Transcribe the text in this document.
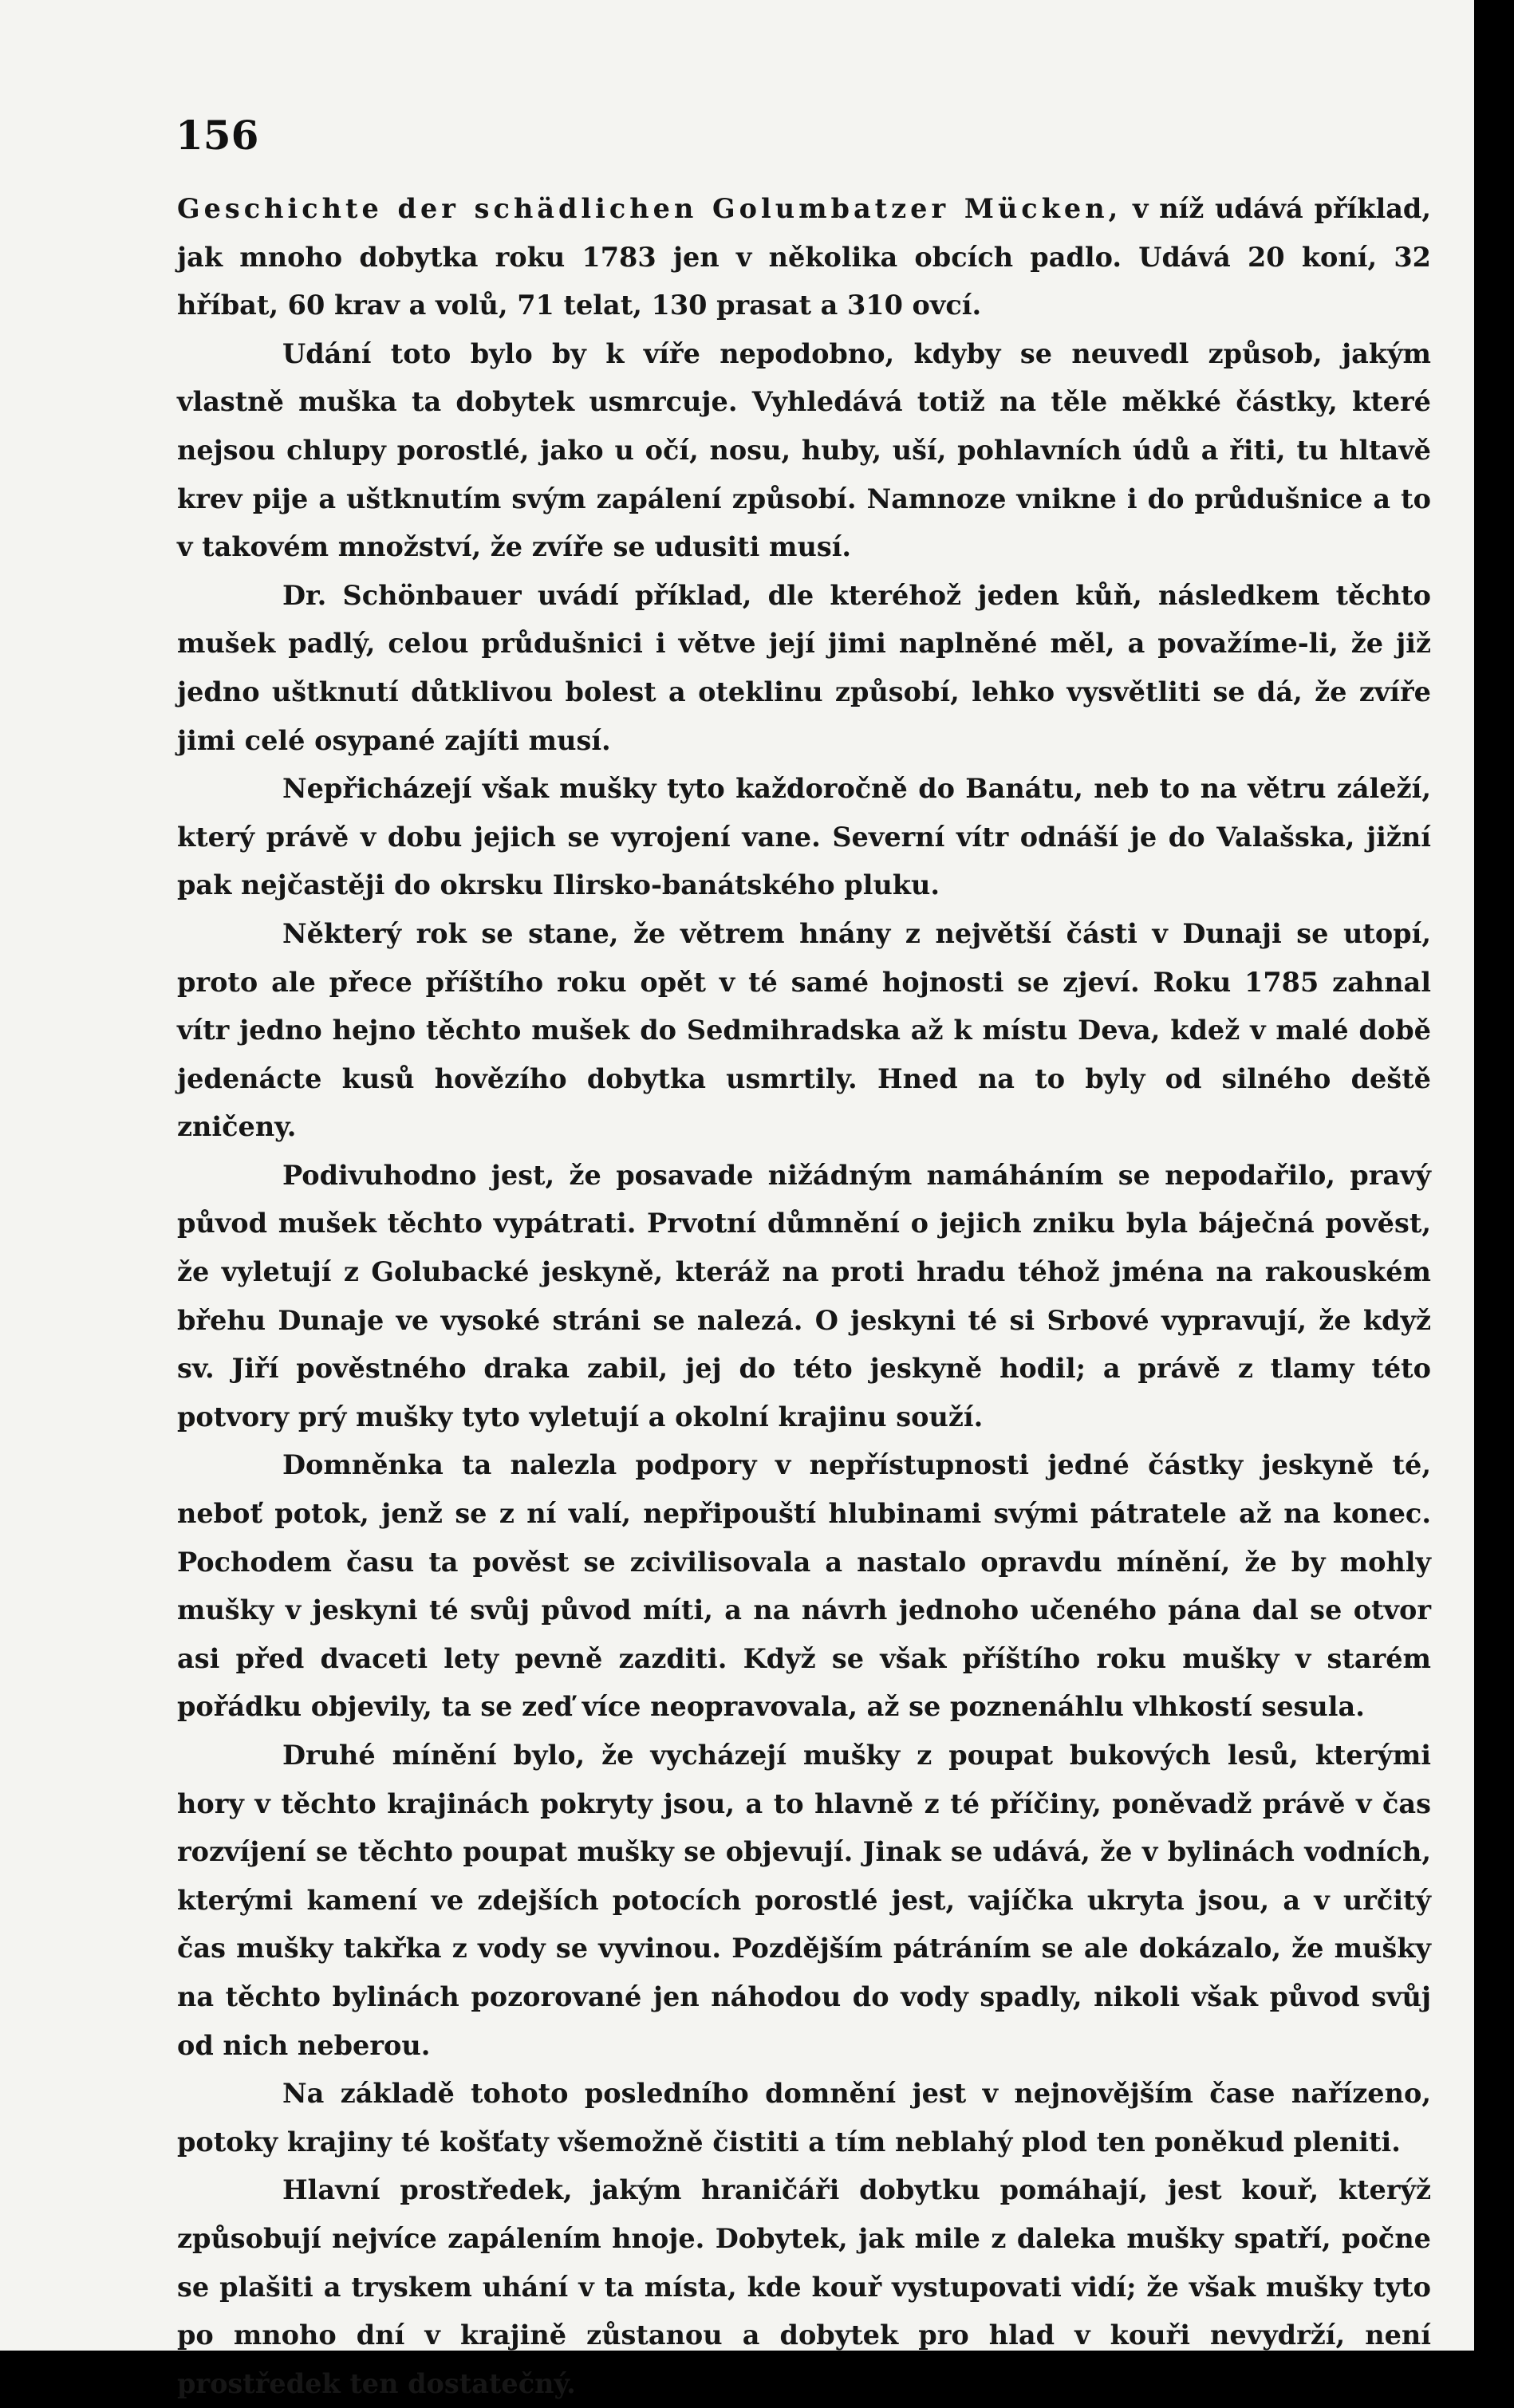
156

Geschichte der schädlichen Golumbatzer Mücken, v níž udává příklad, jak mnoho dobytka roku 1783 jen v několika obcích padlo. Udává 20 koní, 32 hříbat, 60 krav a volů, 71 telat, 130 prasat a 310 ovcí.

Udání toto bylo by k víře nepodobno, kdyby se neuvedl způsob, jakým vlastně muška ta dobytek usmrcuje. Vyhledává totiž na těle měkké částky, které nejsou chlupy porostlé, jako u očí, nosu, huby, uší, pohlavních údů a řiti, tu hltavě krev pije a uštknutím svým zapálení způsobí. Namnoze vnikne i do průdušnice a to v takovém množství, že zvíře se udusiti musí.

Dr. Schönbauer uvádí příklad, dle kteréhož jeden kůň, následkem těchto mušek padlý, celou průdušnici i větve její jimi naplněné měl, a považíme-li, že již jedno uštknutí důtklivou bolest a oteklinu způsobí, lehko vysvětliti se dá, že zvíře jimi celé osypané zajíti musí.

Nepřicházejí však mušky tyto každoročně do Banátu, neb to na větru záleží, který právě v dobu jejich se vyrojení vane. Severní vítr odnáší je do Valašska, jižní pak nejčastěji do okrsku Ilirsko-banátského pluku.

Některý rok se stane, že větrem hnány z největší části v Dunaji se utopí, proto ale přece příštího roku opět v té samé hojnosti se zjeví. Roku 1785 zahnal vítr jedno hejno těchto mušek do Sedmihradska až k místu Deva, kdež v malé době jedenácte kusů hovězího dobytka usmrtily. Hned na to byly od silného deště zničeny.

Podivuhodno jest, že posavade nižádným namáháním se nepodařilo, pravý původ mušek těchto vypátrati. Prvotní důmnění o jejich zniku byla báječná pověst, že vyletují z Golubacké jeskyně, kteráž na proti hradu téhož jména na rakouském břehu Dunaje ve vysoké stráni se nalezá. O jeskyni té si Srbové vypravují, že když sv. Jiří pověstného draka zabil, jej do této jeskyně hodil; a právě z tlamy této potvory prý mušky tyto vyletují a okolní krajinu souží.

Domněnka ta nalezla podpory v nepřístupnosti jedné částky jeskyně té, neboť potok, jenž se z ní valí, nepřipouští hlubinami svými pátratele až na konec. Pochodem času ta pověst se zcivilisovala a nastalo opravdu mínění, že by mohly mušky v jeskyni té svůj původ míti, a na návrh jednoho učeného pána dal se otvor asi před dvaceti lety pevně zazditi. Když se však příštího roku mušky v starém pořádku objevily, ta se zeď více neopravovala, až se poznenáhlu vlhkostí sesula.

Druhé mínění bylo, že vycházejí mušky z poupat bukových lesů, kterými hory v těchto krajinách pokryty jsou, a to hlavně z té příčiny, poněvadž právě v čas rozvíjení se těchto poupat mušky se objevují. Jinak se udává, že v bylinách vodních, kterými kamení ve zdejších potocích porostlé jest, vajíčka ukryta jsou, a v určitý čas mušky takřka z vody se vyvinou. Pozdějším pátráním se ale dokázalo, že mušky na těchto bylinách pozorované jen náhodou do vody spadly, nikoli však původ svůj od nich neberou.

Na základě tohoto posledního domnění jest v nejnovějším čase nařízeno, potoky krajiny té košťaty všemožně čistiti a tím neblahý plod ten poněkud pleniti.

Hlavní prostředek, jakým hraničáři dobytku pomáhají, jest kouř, kterýž způsobují nejvíce zapálením hnoje. Dobytek, jak mile z daleka mušky spatří, počne se plašiti a tryskem uhání v ta místa, kde kouř vystupovati vidí; že však mušky tyto po mnoho dní v krajině zůstanou a dobytek pro hlad v kouři nevydrží, není prostředek ten dostatečný.
